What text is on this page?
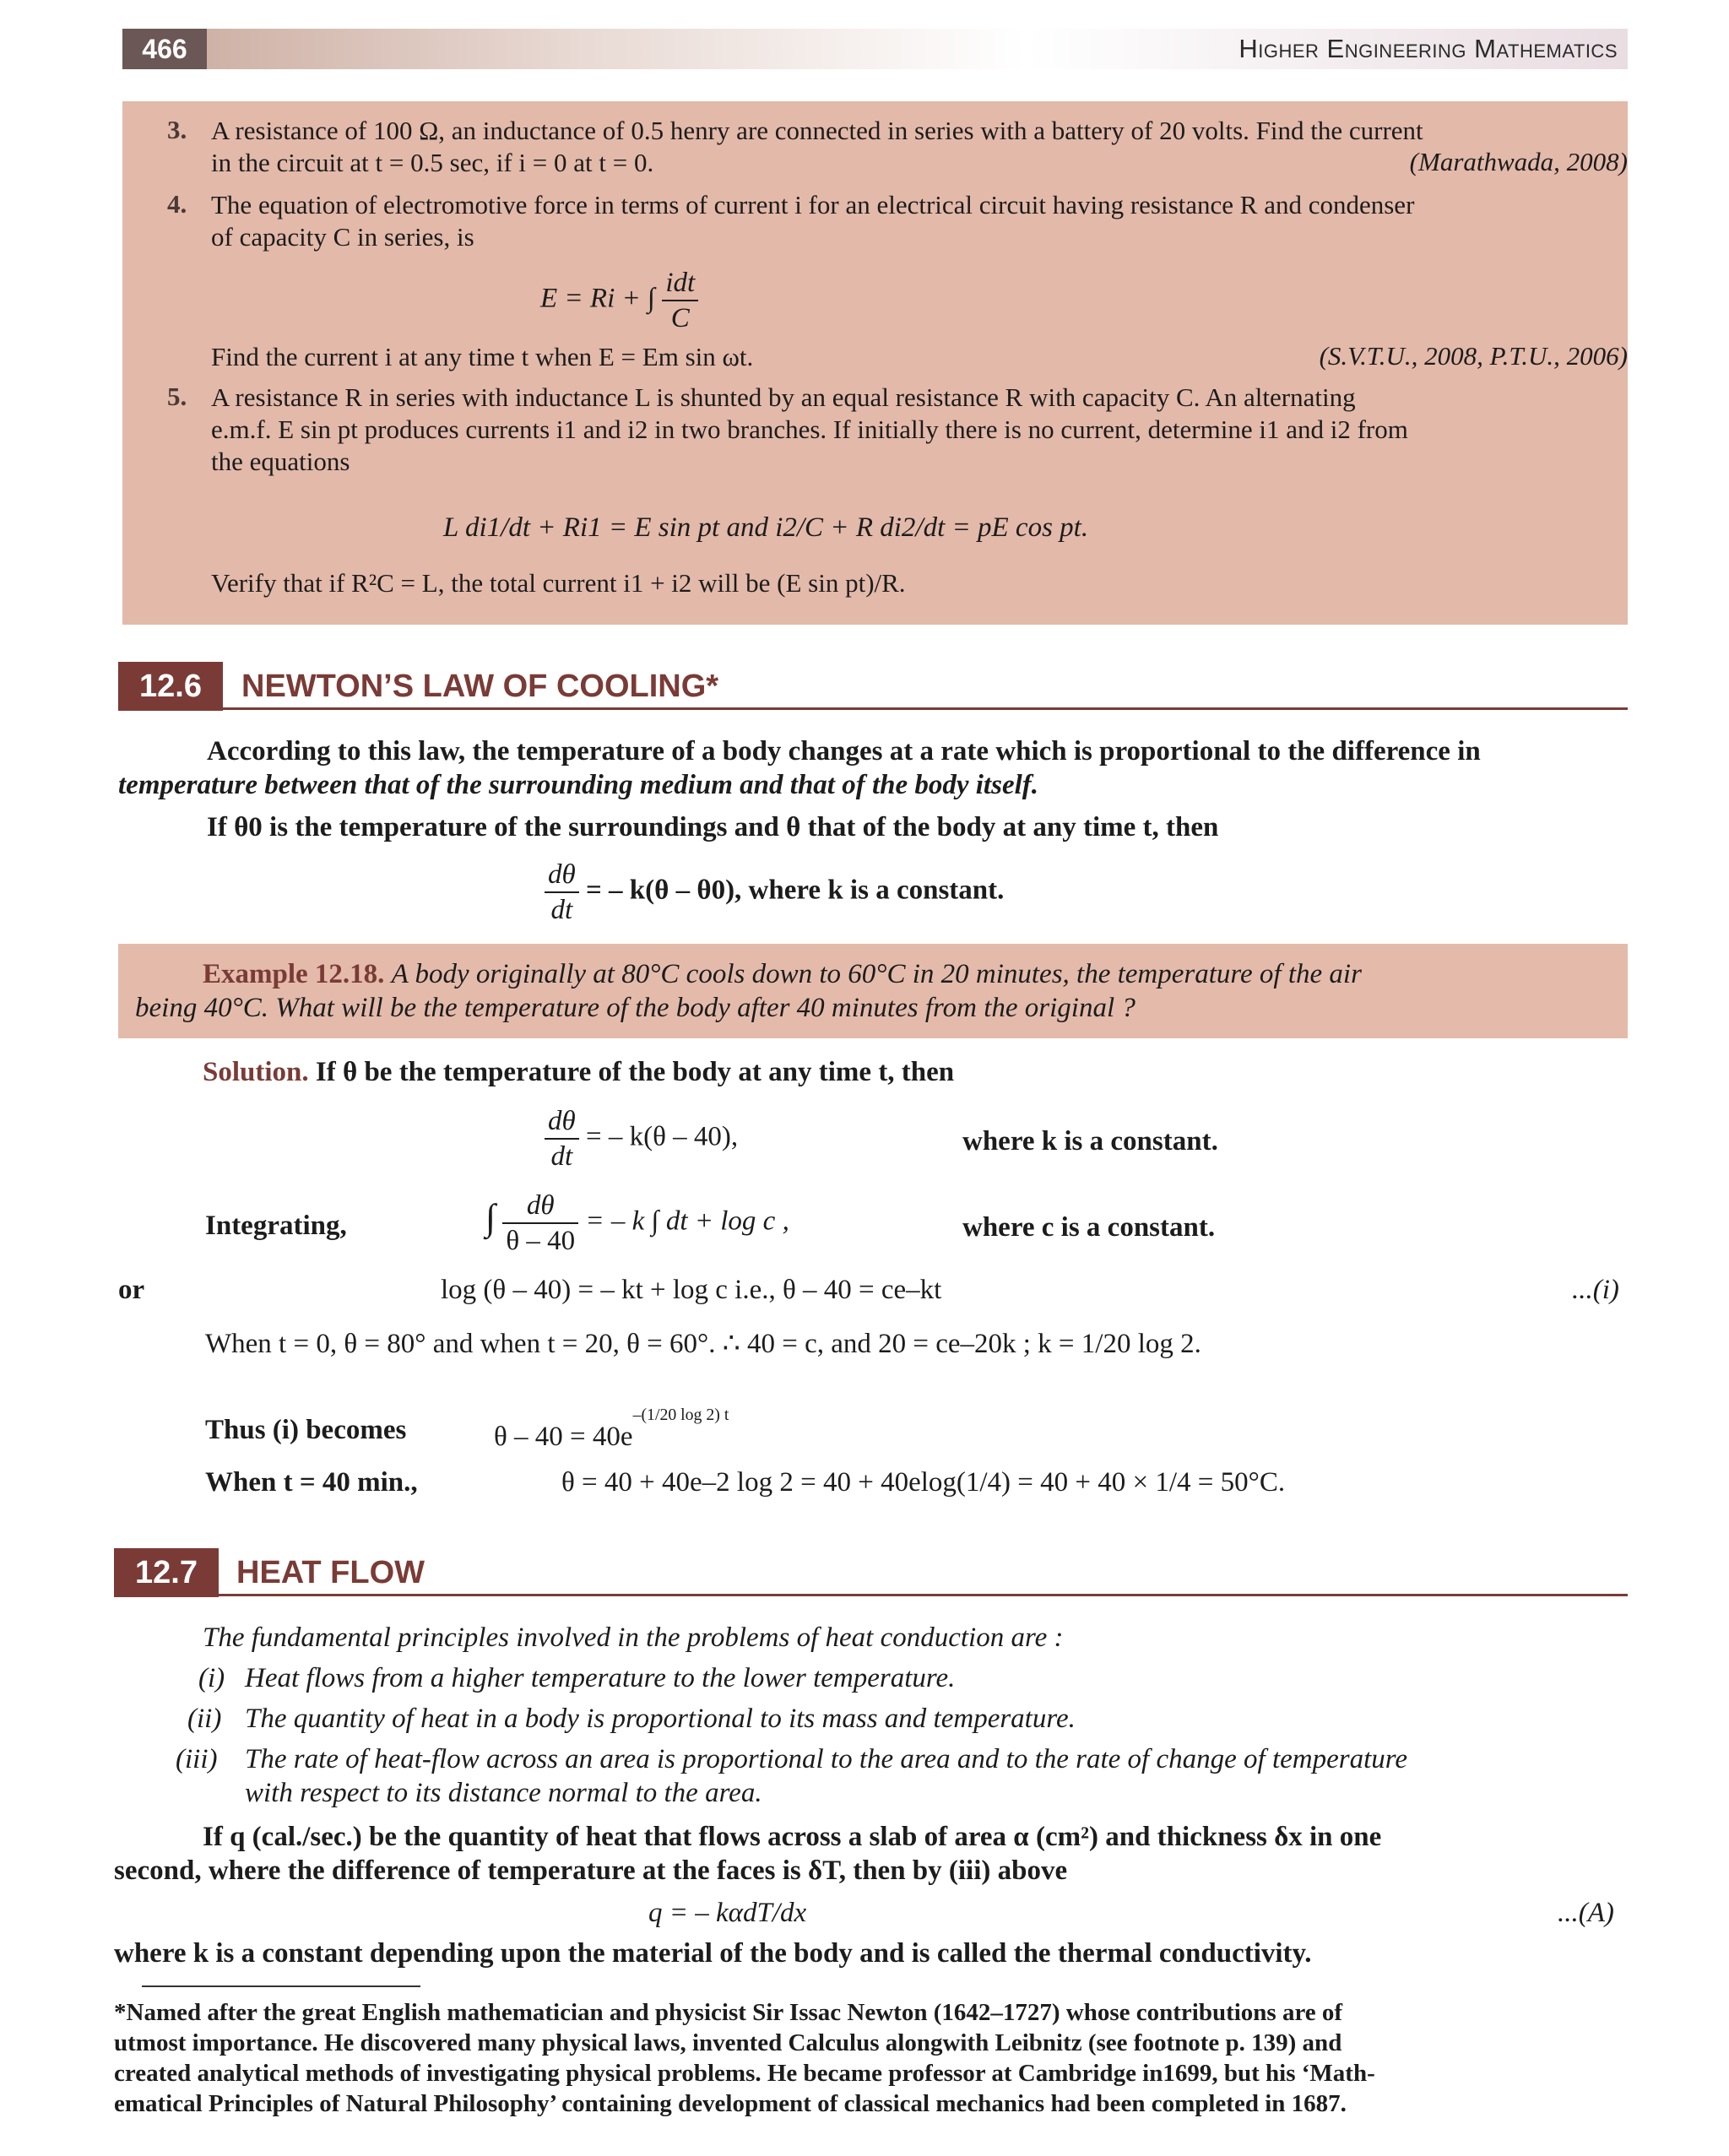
466	Higher Engineering Mathematics
3. A resistance of 100 Ω, an inductance of 0.5 henry are connected in series with a battery of 20 volts. Find the current
in the circuit at t = 0.5 sec, if i = 0 at t = 0.	(Marathwada, 2008)
4. The equation of electromotive force in terms of current i for an electrical circuit having resistance R and condenser
of capacity C in series, is
E = Ri + ∫ $\frac{\text{idt}}{C}$
Find the current i at any time t when E = Em sin ωt.	(S.V.T.U., 2008, P.T.U., 2006)
5. A resistance R in series with inductance L is shunted by an equal resistance R with capacity C. An alternating
e.m.f. E sin pt produces currents i1 and i2 in two branches. If initially there is no current, determine i1 and i2 from
the equations
L di1/dt + Ri1 = E sin pt and i2/C + R di2/dt = pE cos pt.
Verify that if R²C = L, the total current i1 + i2 will be (E sin pt)/R.
12.6	NEWTON’S LAW OF COOLING*
According to this law, the temperature of a body changes at a rate which is proportional to the difference in
temperature between that of the surrounding medium and that of the body itself.
If θ0 is the temperature of the surroundings and θ that of the body at any time t, then
$\frac{d\theta}{dt}$ = – k(θ – θ0), where k is a constant.
Example 12.18. A body originally at 80°C cools down to 60°C in 20 minutes, the temperature of the air
being 40°C. What will be the temperature of the body after 40 minutes from the original ?
Solution. If θ be the temperature of the body at any time t, then
$\frac{d\theta}{dt}$ = – k(θ – 40),	where k is a constant.
Integrating,	∫ $\frac{d\theta}{\theta - 40}$ = – k ∫ dt + log c ,	where c is a constant.
or	log (θ – 40) = – kt + log c i.e., θ – 40 = ce–kt	...(i)
When t = 0, θ = 80° and when t = 20, θ = 60°. ∴ 40 = c, and 20 = ce–20k ; k = 1/20 log 2.
Thus (i) becomes	$\theta - 40 = 40e^{-(1/20 log 2) t}$
When t = 40 min.,	θ = 40 + 40e–2 log 2 = 40 + 40elog(1/4) = 40 + 40 × 1/4 = 50°C.
12.7	HEAT FLOW
The fundamental principles involved in the problems of heat conduction are :
(i) Heat flows from a higher temperature to the lower temperature.
(ii) The quantity of heat in a body is proportional to its mass and temperature.
(iii) The rate of heat-flow across an area is proportional to the area and to the rate of change of temperature
with respect to its distance normal to the area.
If q (cal./sec.) be the quantity of heat that flows across a slab of area α (cm²) and thickness δx in one
second, where the difference of temperature at the faces is δT, then by (iii) above
q = – kαdT/dx	...(A)
where k is a constant depending upon the material of the body and is called the thermal conductivity.
*Named after the great English mathematician and physicist Sir Issac Newton (1642–1727) whose contributions are of
utmost importance. He discovered many physical laws, invented Calculus alongwith Leibnitz (see footnote p. 139) and
created analytical methods of investigating physical problems. He became professor at Cambridge in1699, but his ‘Math-
ematical Principles of Natural Philosophy’ containing development of classical mechanics had been completed in 1687.
